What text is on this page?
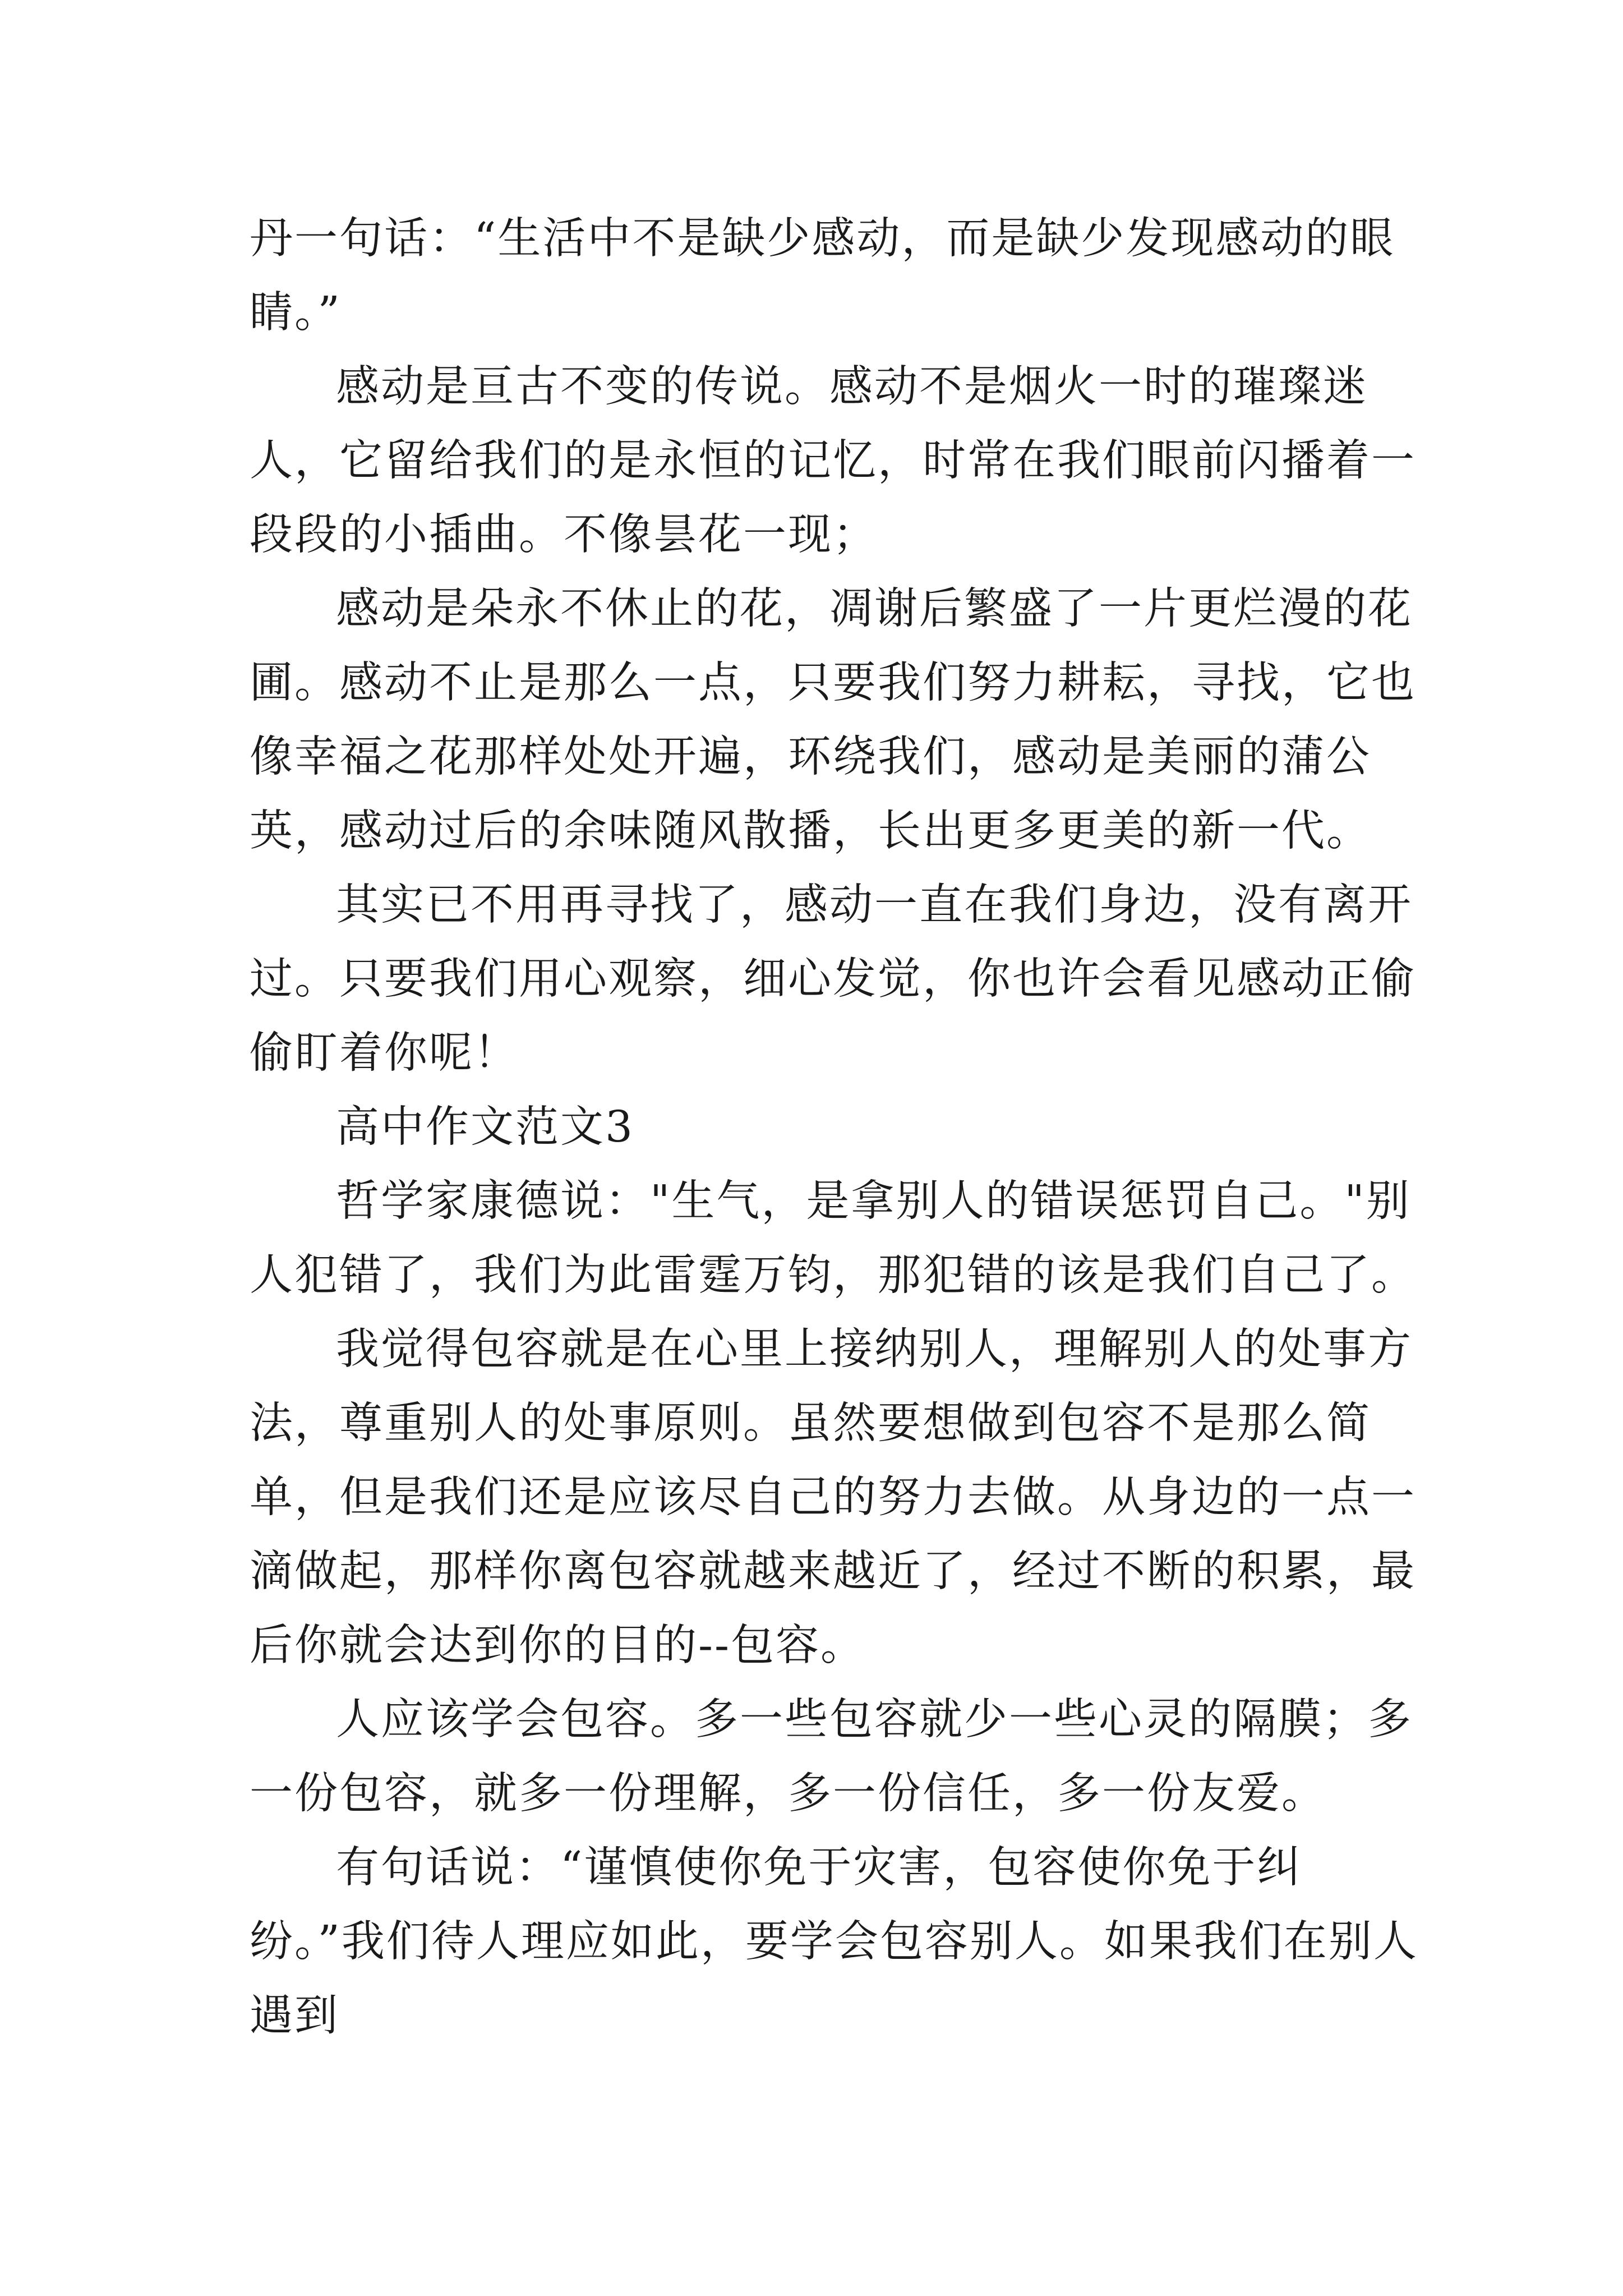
丹一句话：“生活中不是缺少感动，而是缺少发现感动的眼睛。”

感动是亘古不变的传说。感动不是烟火一时的璀璨迷人，它留给我们的是永恒的记忆，时常在我们眼前闪播着一段段的小插曲。不像昙花一现；

感动是朵永不休止的花，凋谢后繁盛了一片更烂漫的花圃。感动不止是那么一点，只要我们努力耕耘，寻找，它也像幸福之花那样处处开遍，环绕我们，感动是美丽的蒲公英，感动过后的余味随风散播，长出更多更美的新一代。

其实已不用再寻找了，感动一直在我们身边，没有离开过。只要我们用心观察，细心发觉，你也许会看见感动正偷偷盯着你呢！

高中作文范文3

哲学家康德说："生气，是拿别人的错误惩罚自己。"别人犯错了，我们为此雷霆万钧，那犯错的该是我们自己了。

我觉得包容就是在心里上接纳别人，理解别人的处事方法，尊重别人的处事原则。虽然要想做到包容不是那么简单，但是我们还是应该尽自己的努力去做。从身边的一点一滴做起，那样你离包容就越来越近了，经过不断的积累，最后你就会达到你的目的--包容。

人应该学会包容。多一些包容就少一些心灵的隔膜；多一份包容，就多一份理解，多一份信任，多一份友爱。

有句话说：“谨慎使你免于灾害，包容使你免于纠纷。”我们待人理应如此，要学会包容别人。如果我们在别人遇到
